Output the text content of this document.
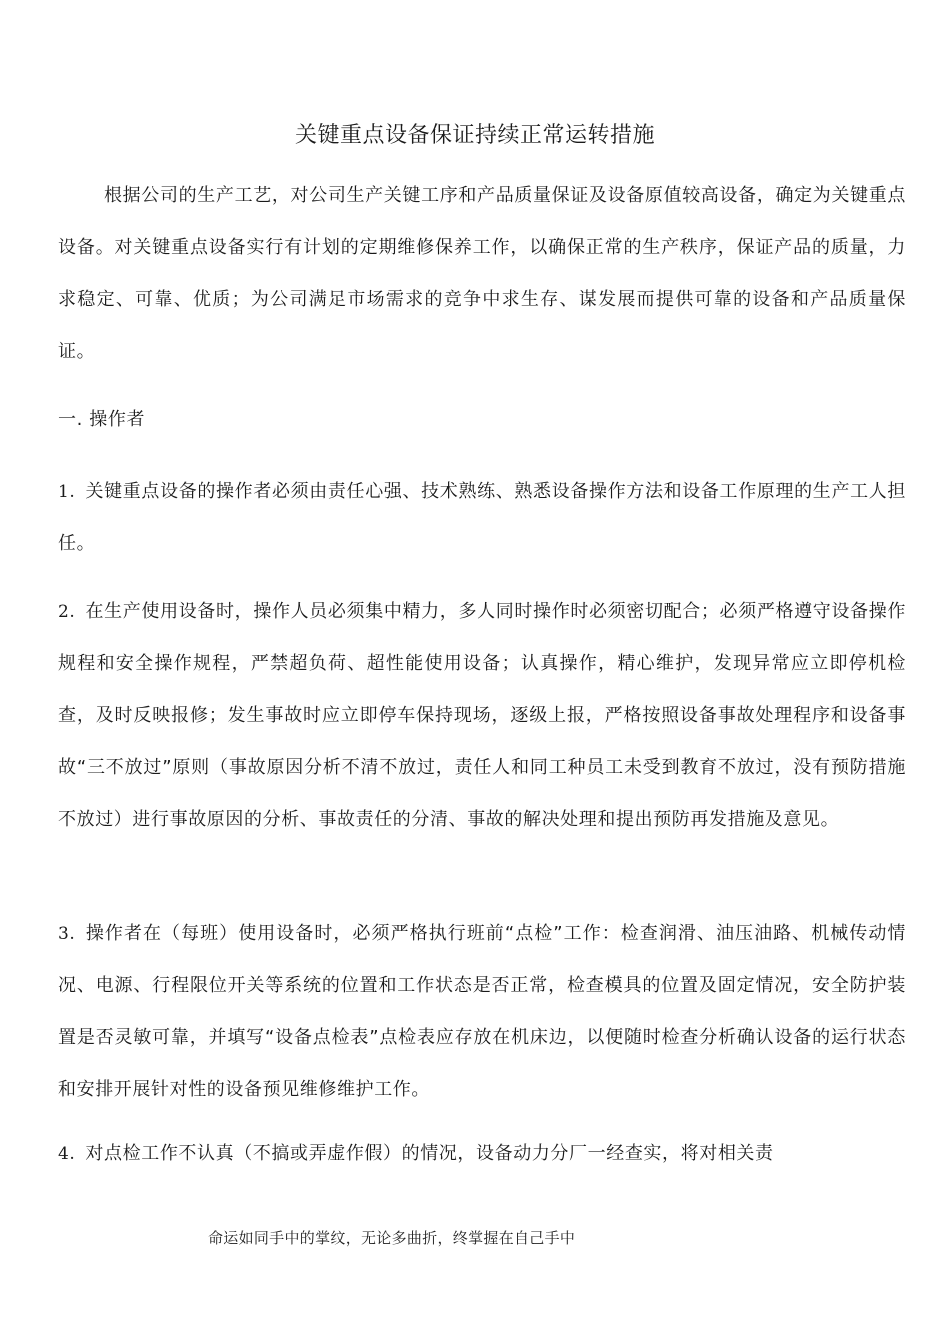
关键重点设备保证持续正常运转措施
根据公司的生产工艺，对公司生产关键工序和产品质量保证及设备原值较高设备，确定为关键重点设备。对关键重点设备实行有计划的定期维修保养工作，以确保正常的生产秩序，保证产品的质量，力求稳定、可靠、优质；为公司满足市场需求的竞争中求生存、谋发展而提供可靠的设备和产品质量保证。
一. 操作者
1. 关键重点设备的操作者必须由责任心强、技术熟练、熟悉设备操作方法和设备工作原理的生产工人担任。
2. 在生产使用设备时，操作人员必须集中精力，多人同时操作时必须密切配合；必须严格遵守设备操作规程和安全操作规程，严禁超负荷、超性能使用设备；认真操作，精心维护，发现异常应立即停机检查，及时反映报修；发生事故时应立即停车保持现场，逐级上报，严格按照设备事故处理程序和设备事故“三不放过”原则（事故原因分析不清不放过，责任人和同工种员工未受到教育不放过，没有预防措施不放过）进行事故原因的分析、事故责任的分清、事故的解决处理和提出预防再发措施及意见。
3. 操作者在（每班）使用设备时，必须严格执行班前“点检”工作：检查润滑、油压油路、机械传动情况、电源、行程限位开关等系统的位置和工作状态是否正常，检查模具的位置及固定情况，安全防护装置是否灵敏可靠，并填写“设备点检表”点检表应存放在机床边，以便随时检查分析确认设备的运行状态和安排开展针对性的设备预见维修维护工作。
4. 对点检工作不认真（不搞或弄虚作假）的情况，设备动力分厂一经查实，将对相关责
命运如同手中的掌纹，无论多曲折，终掌握在自己手中
